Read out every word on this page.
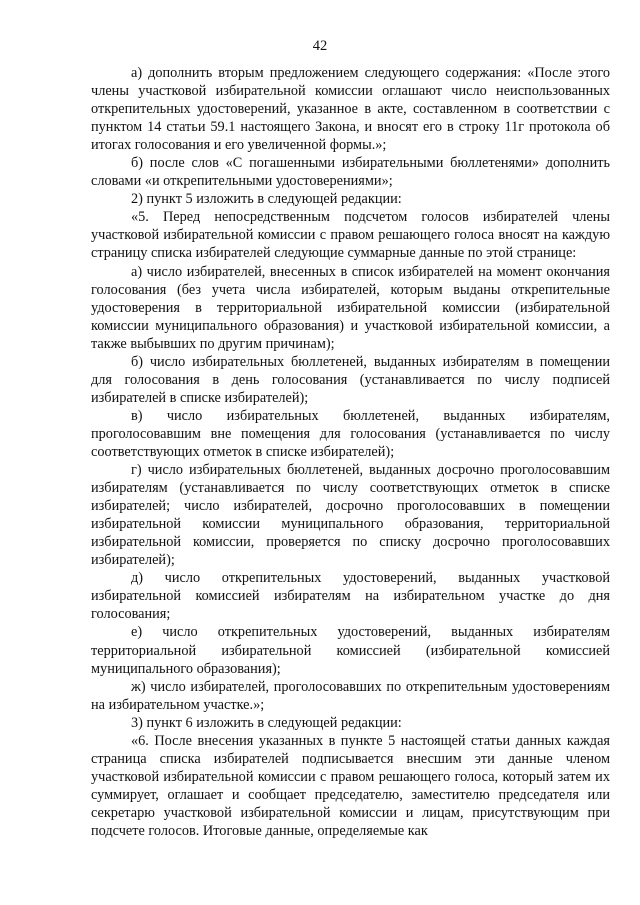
42

а) дополнить вторым предложением следующего содержания: «После этого члены участковой избирательной комиссии оглашают число неиспользованных открепительных удостоверений, указанное в акте, составленном в соответствии с пунктом 14 статьи 59.1 настоящего Закона, и вносят его в строку 11г протокола об итогах голосования и его увеличенной формы.»;

б) после слов «С погашенными избирательными бюллетенями» дополнить словами «и открепительными удостоверениями»;

2) пункт 5 изложить в следующей редакции:

«5. Перед непосредственным подсчетом голосов избирателей члены участковой избирательной комиссии с правом решающего голоса вносят на каждую страницу списка избирателей следующие суммарные данные по этой странице:

а) число избирателей, внесенных в список избирателей на момент окончания голосования (без учета числа избирателей, которым выданы открепительные удостоверения в территориальной избирательной комиссии (избирательной комиссии муниципального образования) и участковой избирательной комиссии, а также выбывших по другим причинам);

б) число избирательных бюллетеней, выданных избирателям в помещении для голосования в день голосования (устанавливается по числу подписей избирателей в списке избирателей);

в) число избирательных бюллетеней, выданных избирателям, проголосовавшим вне помещения для голосования (устанавливается по числу соответствующих отметок в списке избирателей);

г) число избирательных бюллетеней, выданных досрочно проголосовавшим избирателям (устанавливается по числу соответствующих отметок в списке избирателей; число избирателей, досрочно проголосовавших в помещении избирательной комиссии муниципального образования, территориальной избирательной комиссии, проверяется по списку досрочно проголосовавших избирателей);

д) число открепительных удостоверений, выданных участковой избирательной комиссией избирателям на избирательном участке до дня голосования;

е) число открепительных удостоверений, выданных избирателям территориальной избирательной комиссией (избирательной комиссией муниципального образования);

ж) число избирателей, проголосовавших по открепительным удостоверениям на избирательном участке.»;

3) пункт 6 изложить в следующей редакции:

«6. После внесения указанных в пункте 5 настоящей статьи данных каждая страница списка избирателей подписывается внесшим эти данные членом участковой избирательной комиссии с правом решающего голоса, который затем их суммирует, оглашает и сообщает председателю, заместителю председателя или секретарю участковой избирательной комиссии и лицам, присутствующим при подсчете голосов. Итоговые данные, определяемые как
